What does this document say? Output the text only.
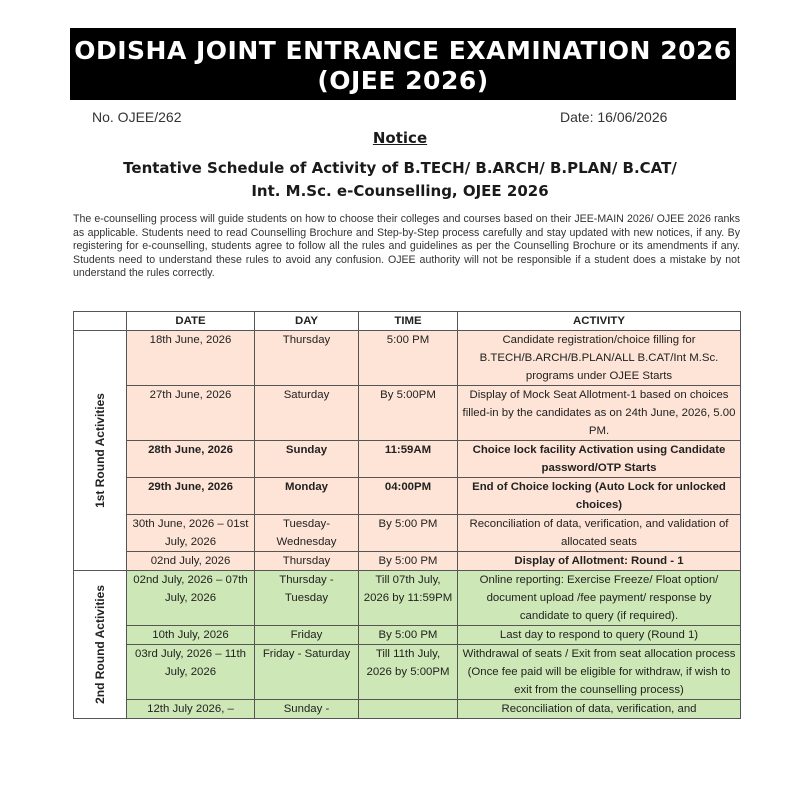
ODISHA JOINT ENTRANCE EXAMINATION 2026
(OJEE 2026)
No. OJEE/262	Date: 16/06/2026
Notice
Tentative Schedule of Activity of B.TECH/ B.ARCH/ B.PLAN/ B.CAT/
Int. M.Sc. e-Counselling, OJEE 2026
The e-counselling process will guide students on how to choose their colleges and courses based on their JEE-MAIN 2026/ OJEE 2026 ranks as applicable. Students need to read Counselling Brochure and Step-by-Step process carefully and stay updated with new notices, if any. By registering for e-counselling, students agree to follow all the rules and guidelines as per the Counselling Brochure or its amendments if any. Students need to understand these rules to avoid any confusion. OJEE authority will not be responsible if a student does a mistake by not understand the rules correctly.
	DATE	DAY	TIME	ACTIVITY

1st Round Activities	18th June, 2026	Thursday	5:00 PM	Candidate registration/choice filling for B.TECH/B.ARCH/B.PLAN/ALL B.CAT/Int M.Sc. programs under OJEE Starts
	27th June, 2026	Saturday	By 5:00PM	Display of Mock Seat Allotment-1 based on choices filled-in by the candidates as on 24th June, 2026, 5.00 PM.
	28th June, 2026	Sunday	11:59AM	Choice lock facility Activation using Candidate password/OTP Starts
	29th June, 2026	Monday	04:00PM	End of Choice locking (Auto Lock for unlocked choices)
	30th June, 2026 – 01st July, 2026	Tuesday-Wednesday	By 5:00 PM	Reconciliation of data, verification, and validation of allocated seats
	02nd July, 2026	Thursday	By 5:00 PM	Display of Allotment: Round - 1

2nd Round Activities	02nd July, 2026 – 07th July, 2026	Thursday - Tuesday	Till 07th July, 2026 by 11:59PM	Online reporting: Exercise Freeze/ Float option/ document upload /fee payment/ response by candidate to query (if required).
	10th July, 2026	Friday	By 5:00 PM	Last day to respond to query (Round 1)
	03rd July, 2026 – 11th July, 2026	Friday - Saturday	Till 11th July, 2026 by 5:00PM	Withdrawal of seats / Exit from seat allocation process (Once fee paid will be eligible for withdraw, if wish to exit from the counselling process)
	12th July 2026, –	Sunday -		Reconciliation of data, verification, and
